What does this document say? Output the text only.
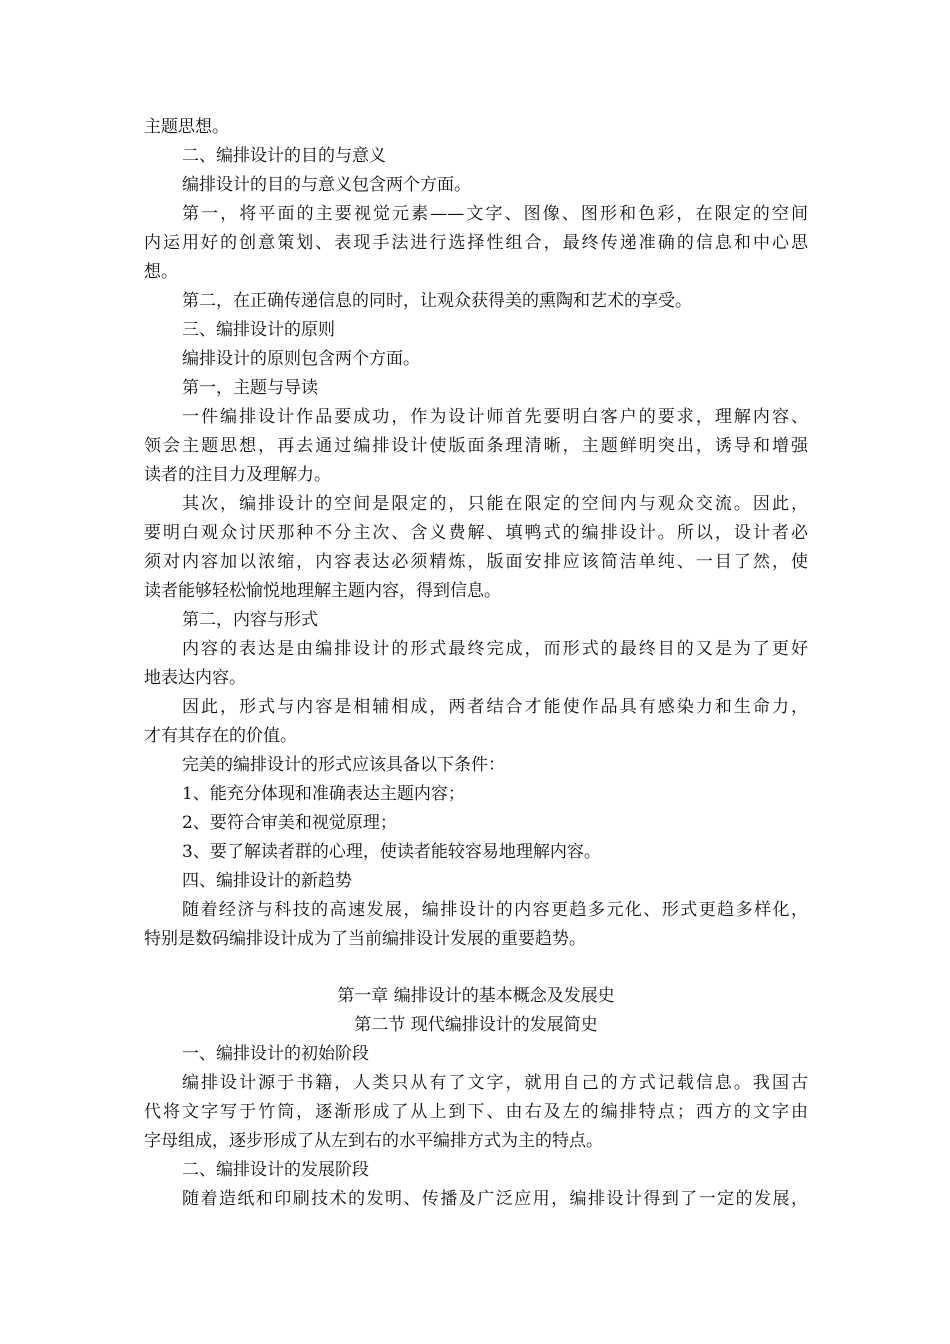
主题思想。
二、编排设计的目的与意义
编排设计的目的与意义包含两个方面。
第一，将平面的主要视觉元素——文字、图像、图形和色彩，在限定的空间
内运用好的创意策划、表现手法进行选择性组合，最终传递准确的信息和中心思
想。
第二，在正确传递信息的同时，让观众获得美的熏陶和艺术的享受。
三、编排设计的原则
编排设计的原则包含两个方面。
第一，主题与导读
一件编排设计作品要成功，作为设计师首先要明白客户的要求，理解内容、
领会主题思想，再去通过编排设计使版面条理清晰，主题鲜明突出，诱导和增强
读者的注目力及理解力。
其次，编排设计的空间是限定的，只能在限定的空间内与观众交流。因此，
要明白观众讨厌那种不分主次、含义费解、填鸭式的编排设计。所以，设计者必
须对内容加以浓缩，内容表达必须精炼，版面安排应该简洁单纯、一目了然，使
读者能够轻松愉悦地理解主题内容，得到信息。
第二，内容与形式
内容的表达是由编排设计的形式最终完成，而形式的最终目的又是为了更好
地表达内容。
因此，形式与内容是相辅相成，两者结合才能使作品具有感染力和生命力，
才有其存在的价值。
完美的编排设计的形式应该具备以下条件：
1、能充分体现和准确表达主题内容；
2、要符合审美和视觉原理；
3、要了解读者群的心理，使读者能较容易地理解内容。
四、编排设计的新趋势
随着经济与科技的高速发展，编排设计的内容更趋多元化、形式更趋多样化，
特别是数码编排设计成为了当前编排设计发展的重要趋势。
第一章 编排设计的基本概念及发展史
第二节 现代编排设计的发展简史
一、编排设计的初始阶段
编排设计源于书籍，人类只从有了文字，就用自己的方式记载信息。我国古
代将文字写于竹筒，逐渐形成了从上到下、由右及左的编排特点；西方的文字由
字母组成，逐步形成了从左到右的水平编排方式为主的特点。
二、编排设计的发展阶段
随着造纸和印刷技术的发明、传播及广泛应用，编排设计得到了一定的发展，
